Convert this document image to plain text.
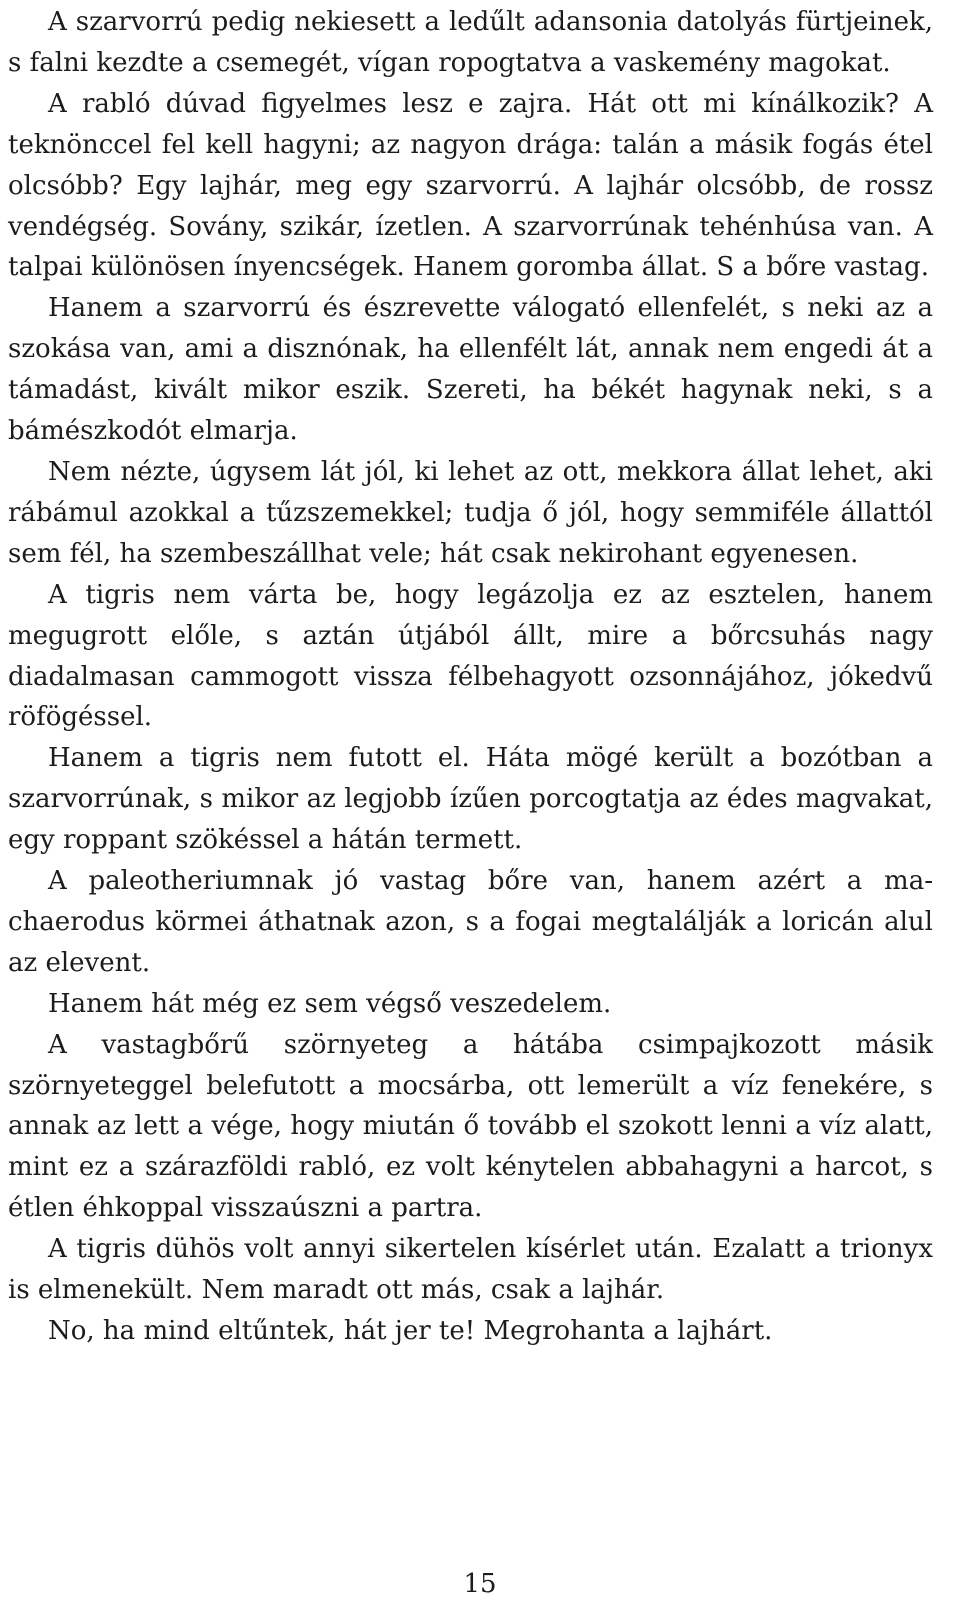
A szarvorrú pedig nekiesett a ledűlt adansonia datolyás fürtjeinek, s falni kezdte a csemegét, vígan ropogtatva a vaskemény magokat.

A rabló dúvad figyelmes lesz e zajra. Hát ott mi kínálkozik? A teknönccel fel kell hagyni; az nagyon drága: talán a másik fogás étel olcsóbb? Egy lajhár, meg egy szarvorrú. A lajhár olcsóbb, de rossz vendégség. Sovány, szikár, ízetlen. A szarvorrúnak tehénhúsa van. A talpai különösen ínyencségek. Hanem goromba állat. S a bőre vastag.

Hanem a szarvorrú és észrevette válogató ellenfelét, s neki az a szokása van, ami a disznónak, ha ellenfélt lát, annak nem engedi át a támadást, kivált mikor eszik. Szereti, ha békét hagynak neki, s a bámészkodót elmarja.

Nem nézte, úgysem lát jól, ki lehet az ott, mekkora állat lehet, aki rábámul azokkal a tűzszemekkel; tudja ő jól, hogy semmiféle állattól sem fél, ha szembeszállhat vele; hát csak nekirohant egyenesen.

A tigris nem várta be, hogy legázolja ez az esztelen, hanem megugrott előle, s aztán útjából állt, mire a bőrcsuhás nagy diadalmasan cammogott vissza félbehagyott ozsonnájához, jókedvű röfögéssel.

Hanem a tigris nem futott el. Háta mögé került a bozótban a szarvorrúnak, s mikor az legjobb ízűen porcogtatja az édes magvakat, egy roppant szökéssel a hátán termett.

A paleotheriumnak jó vastag bőre van, hanem azért a machaerodus körmei áthatnak azon, s a fogai megtalálják a loricán alul az elevent.

Hanem hát még ez sem végső veszedelem.

A vastagbőrű szörnyeteg a hátába csimpajkozott másik szörnyeteggel belefutott a mocsárba, ott lemerült a víz fenekére, s annak az lett a vége, hogy miután ő tovább el szokott lenni a víz alatt, mint ez a szárazföldi rabló, ez volt kénytelen abbahagyni a harcot, s étlen éhkoppal visszaúszni a partra.

A tigris dühös volt annyi sikertelen kísérlet után. Ezalatt a trionyx is elmenekült. Nem maradt ott más, csak a lajhár.

No, ha mind eltűntek, hát jer te! Megrohanta a lajhárt.

15
